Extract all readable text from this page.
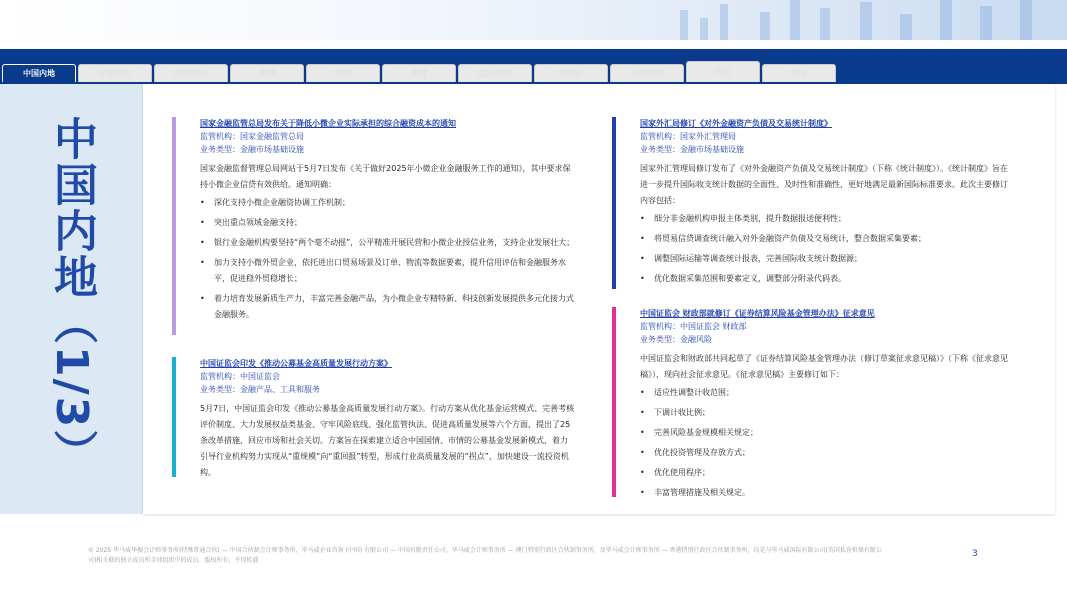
中国内地	中国香港	国际组织	美国	英国	欧盟	澳大利亚	新加坡	马来西亚	印度	越南
中国内地（1/3）	国家金融监管总局发布关于降低小微企业实际承担的综合融资成本的通知
监管机构：国家金融监管总局
业务类型：金融市场基础设施
国家金融监督管理总局网站于5月7日发布《关于做好2025年小微企业金融服务工作的通知》，其中要求保持小微企业信贷有效供给。通知明确：
• 深化支持小微企业融资协调工作机制；
• 突出重点领域金融支持；
• 银行业金融机构要坚持“两个毫不动摇”，公平精准开展民营和小微企业授信业务，支持企业发展壮大；
• 加力支持小微外贸企业，依托进出口贸易场景及订单、物流等数据要素，提升信用评估和金融服务水平，促进稳外贸稳增长；
• 着力培育发展新质生产力，丰富完善金融产品，为小微企业专精特新、科技创新发展提供多元化接力式金融服务。
中国证监会印发《推动公募基金高质量发展行动方案》
监管机构：中国证监会
业务类型：金融产品、工具和服务
5月7日，中国证监会印发《推动公募基金高质量发展行动方案》。行动方案从优化基金运营模式、完善考核评价制度、大力发展权益类基金、守牢风险底线、强化监管执法、促进高质量发展等六个方面，提出了25条改革措施，回应市场和社会关切。方案旨在探索建立适合中国国情、市情的公募基金发展新模式，着力引导行业机构努力实现从“重规模”向“重回报”转型，形成行业高质量发展的“拐点”，加快建设一流投资机构。
国家外汇局修订《对外金融资产负债及交易统计制度》
监管机构：国家外汇管理局
业务类型：金融市场基础设施
国家外汇管理局修订发布了《对外金融资产负债及交易统计制度》（下称《统计制度》）。《统计制度》旨在进一步提升国际收支统计数据的全面性、及时性和准确性，更好地满足最新国际标准要求。此次主要修订内容包括：
• 细分非金融机构申报主体类别，提升数据报送便利性；
• 将贸易信贷调查统计融入对外金融资产负债及交易统计，整合数据采集要素；
• 调整国际运输等调查统计报表，完善国际收支统计数据源；
• 优化数据采集范围和要素定义，调整部分附录代码表。
中国证监会 财政部就修订《证券结算风险基金管理办法》征求意见
监管机构：中国证监会 财政部
业务类型：金融风险
中国证监会和财政部共同起草了《证券结算风险基金管理办法（修订草案征求意见稿）》（下称《征求意见稿》），现向社会征求意见。《征求意见稿》主要修订如下：
• 适应性调整计收范围；
• 下调计收比例；
• 完善风险基金规模相关规定；
• 优化投资管理及存放方式；
• 优化使用程序；
• 丰富管理措施及相关规定。
© 2025 毕马威华振会计师事务所(特殊普通合伙) — 中国合伙制会计师事务所，毕马威企业咨询 (中国) 有限公司 — 中国有限责任公司，毕马威会计师事务所 — 澳门特别行政区合伙制事务所，及毕马威会计师事务所 — 香港特别行政区合伙制事务所，均是与毕马威国际有限公司(英国私营担保有限公司)相关联的独立成员所全球组织中的成员。版权所有，不得转载
3
